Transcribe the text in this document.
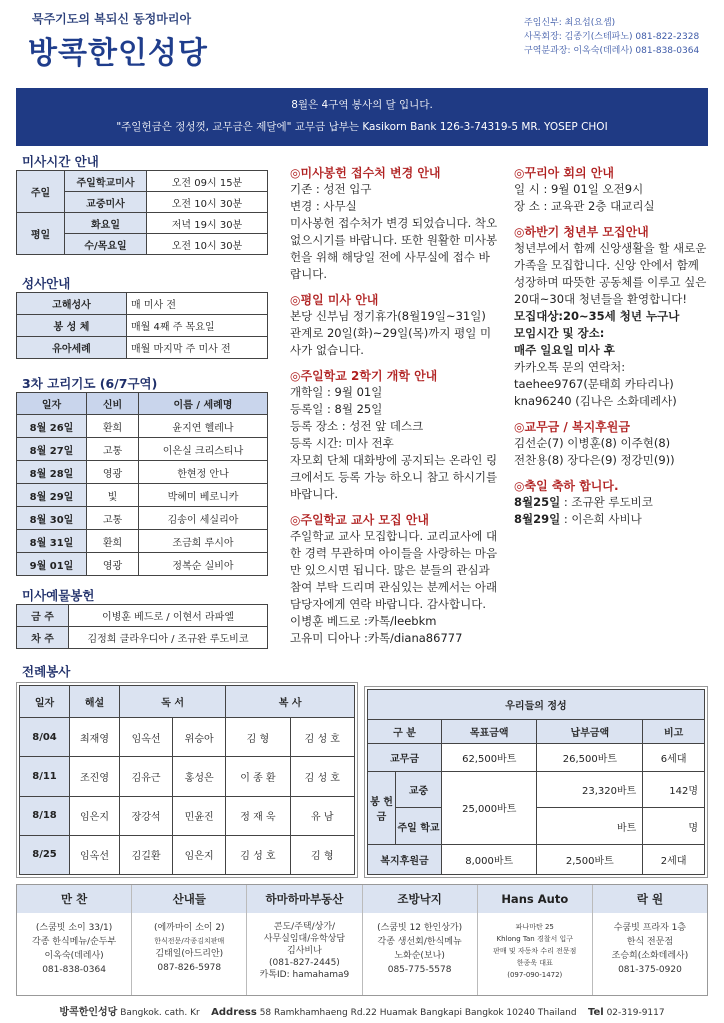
묵주기도의 복되신 동정마리아
방콕한인성당
주임신부: 최요섭(요셉)
사목회장: 김종기(스테파노) 081-822-2328
구역분과장: 이옥숙(데레사) 081-838-0364
8월은 4구역 봉사의 달 입니다.
"주일헌금은 정성껏, 교무금은 제달에" 교무금 납부는 Kasikorn Bank 126-3-74319-5 MR. YOSEP CHOI
미사시간 안내
주일	주일학교미사	오전 09시 15분
	교중미사	오전 10시 30분
평일	화요일	저녁 19시 30분
	수/목요일	오전 10시 30분
성사안내
고해성사	매 미사 전
봉 성 체	매월 4째 주 목요일
유아세례	매월 마지막 주 미사 전
3차 고리기도 (6/7구역)
일자	신비	이름 / 세례명
8월 26일	환희	윤지연 헬레나
8월 27일	고통	이은실 크리스티나
8월 28일	영광	한현정 안나
8월 29일	빛	박혜미 베로니카
8월 30일	고통	김송이 세실리아
8월 31일	환희	조금희 루시아
9월 01일	영광	정복순 실비아
미사예물봉헌
금 주	이병훈 베드로 / 이현서 라파엘
차 주	김정희 클라우디아 / 조규완 루도비코
◎미사봉헌 접수처 변경 안내
기존 : 성전 입구
변경 : 사무실
미사봉헌 접수처가 변경 되었습니다. 착오 없으시기를 바랍니다. 또한 원활한 미사봉헌을 위해 해당일 전에 사무실에 접수 바랍니다.
◎평일 미사 안내
본당 신부님 정기휴가(8월19일~31일) 관계로 20일(화)~29일(목)까지 평일 미사가 없습니다.
◎주일학교 2학기 개학 안내
개학일 : 9월 01일
등록일 : 8월 25일
등록 장소 : 성전 앞 데스크
등록 시간: 미사 전후
자모회 단체 대화방에 공지되는 온라인 링크에서도 등록 가능 하오니 참고 하시기를 바랍니다.
◎주일학교 교사 모집 안내
주일학교 교사 모집합니다. 교리교사에 대한 경력 무관하며 아이들을 사랑하는 마음 만 있으시면 됩니다. 많은 분들의 관심과 참여 부탁 드리며 관심있는 분께서는 아래 담당자에게 연락 바랍니다. 감사합니다.
이병훈 베드로 :카톡/leebkm
고유미 디아나 :카톡/diana86777
◎꾸리아 회의 안내
일 시 : 9월 01일 오전9시
장 소 : 교육관 2층 대교리실
◎하반기 청년부 모집안내
청년부에서 함께 신앙생활을 할 새로운 가족을 모집합니다. 신앙 안에서 함께 성장하며 따뜻한 공동체를 이루고 싶은 20대~30대 청년들을 환영합니다!
모집대상:20~35세 청년 누구나
모임시간 및 장소:
매주 일요일 미사 후
카카오톡 문의 연락처:
taehee9767(문태희 카타리나)
kna96240 (김나은 소화데레사)
◎교무금 / 복지후원금
김선순(7) 이병훈(8) 이주현(8)
전찬용(8) 장다은(9) 정강민(9))
◎축일 축하 합니다.
8월25일 : 조규완 루도비코
8월29일 : 이은희 사비나
전례봉사
일자	해설	독 서		복 사	
8/04	최재영	임옥선	위승아	김 형	김 성 호
8/11	조진영	김유근	홍성은	이 종 환	김 성 호
8/18	임은지	장강석	민윤진	정 재 욱	유 남
8/25	임옥선	김길환	임은지	김 성 호	김 형
우리들의 정성				
구 분		목표금액	납부금액	비고
교무금		62,500바트	26,500바트	6세대
봉 헌 금	교중	25,000바트	23,320바트	142명
	주일 학교		바트	명
복지후원금		8,000바트	2,500바트	2세대
만 찬
(스쿰빗 소이 33/1)
각종 한식메뉴/순두부
이옥숙(데레사)
081-838-0364
산내들
(에까마이 소이 2)
한식전문/각종김치판매
김태일(아드리안)
087-826-5978
하마하마부동산
콘도/주택/상가/
사무실임대/유학상담
김사비나
(081-827-2445)
카톡ID: hamahama9
조방낙지
(스쿰빗 12 한인상가)
각종 생선회/한식메뉴
노화순(보나)
085-775-5578
Hans Auto
파나마탄 25
Khlong Tan 경찰서 입구
판매 및 자동차 수리 전문점
한종욱 대표
(097-090-1472)
락 원
수쿰빗 프라자 1층
한식 전문점
조승희(소화데레사)
081-375-0920
방콕한인성당 Bangkok. cath. Kr Address 58 Ramkhamhaeng Rd.22 Huamak Bangkapi Bangkok 10240 Thailand Tel 02-319-9117
